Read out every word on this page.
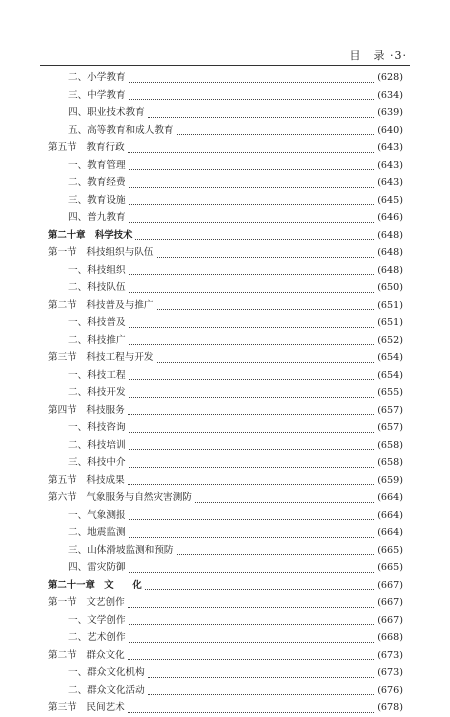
目　录 ·3·
二、小学教育	(628)
三、中学教育	(634)
四、职业技术教育	(639)
五、高等教育和成人教育	(640)
第五节　教育行政	(643)
一、教育管理	(643)
二、教育经费	(643)
三、教育设施	(645)
四、普九教育	(646)
第二十章　科学技术	(648)
第一节　科技组织与队伍	(648)
一、科技组织	(648)
二、科技队伍	(650)
第二节　科技普及与推广	(651)
一、科技普及	(651)
二、科技推广	(652)
第三节　科技工程与开发	(654)
一、科技工程	(654)
二、科技开发	(655)
第四节　科技服务	(657)
一、科技咨询	(657)
二、科技培训	(658)
三、科技中介	(658)
第五节　科技成果	(659)
第六节　气象服务与自然灾害测防	(664)
一、气象测报	(664)
二、地震监测	(664)
三、山体滑坡监测和预防	(665)
四、雷灾防御	(665)
第二十一章　文　　化	(667)
第一节　文艺创作	(667)
一、文学创作	(667)
二、艺术创作	(668)
第二节　群众文化	(673)
一、群众文化机构	(673)
二、群众文化活动	(676)
第三节　民间艺术	(678)
